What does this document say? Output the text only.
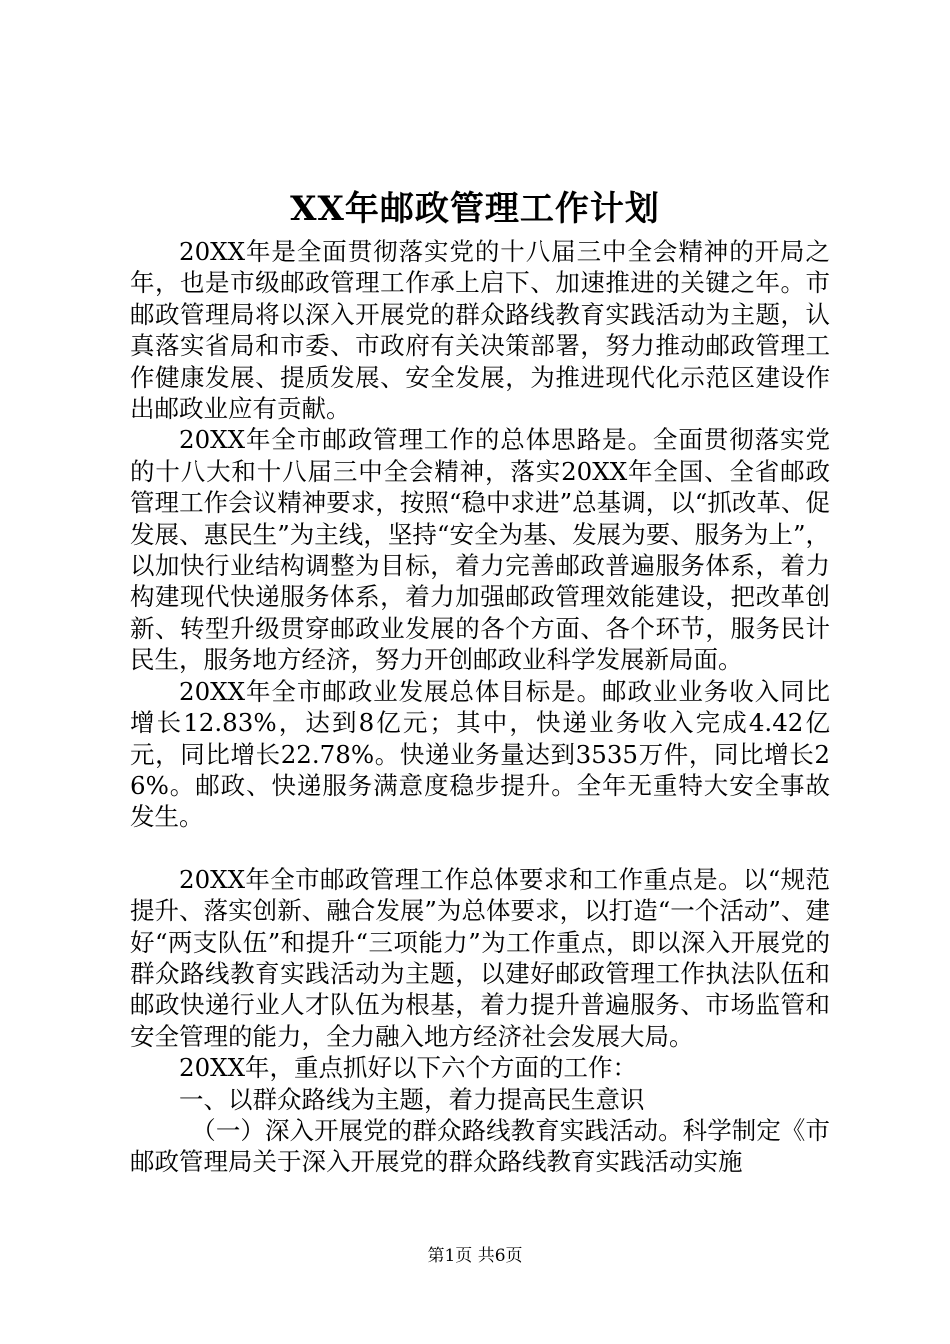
XX年邮政管理工作计划

20XX年是全面贯彻落实党的十八届三中全会精神的开局之年，也是市级邮政管理工作承上启下、加速推进的关键之年。市邮政管理局将以深入开展党的群众路线教育实践活动为主题，认真落实省局和市委、市政府有关决策部署，努力推动邮政管理工作健康发展、提质发展、安全发展，为推进现代化示范区建设作出邮政业应有贡献。

20XX年全市邮政管理工作的总体思路是。全面贯彻落实党的十八大和十八届三中全会精神，落实20XX年全国、全省邮政管理工作会议精神要求，按照“稳中求进”总基调，以“抓改革、促发展、惠民生”为主线，坚持“安全为基、发展为要、服务为上”，以加快行业结构调整为目标，着力完善邮政普遍服务体系，着力构建现代快递服务体系，着力加强邮政管理效能建设，把改革创新、转型升级贯穿邮政业发展的各个方面、各个环节，服务民计民生，服务地方经济，努力开创邮政业科学发展新局面。

20XX年全市邮政业发展总体目标是。邮政业业务收入同比增长12.83%，达到8亿元；其中，快递业务收入完成4.42亿元，同比增长22.78%。快递业务量达到3535万件，同比增长26%。邮政、快递服务满意度稳步提升。全年无重特大安全事故发生。

20XX年全市邮政管理工作总体要求和工作重点是。以“规范提升、落实创新、融合发展”为总体要求，以打造“一个活动”、建好“两支队伍”和提升“三项能力”为工作重点，即以深入开展党的群众路线教育实践活动为主题，以建好邮政管理工作执法队伍和邮政快递行业人才队伍为根基，着力提升普遍服务、市场监管和安全管理的能力，全力融入地方经济社会发展大局。

20XX年，重点抓好以下六个方面的工作：

一、以群众路线为主题，着力提高民生意识

（一）深入开展党的群众路线教育实践活动。科学制定《市邮政管理局关于深入开展党的群众路线教育实践活动实施

第1页 共6页
